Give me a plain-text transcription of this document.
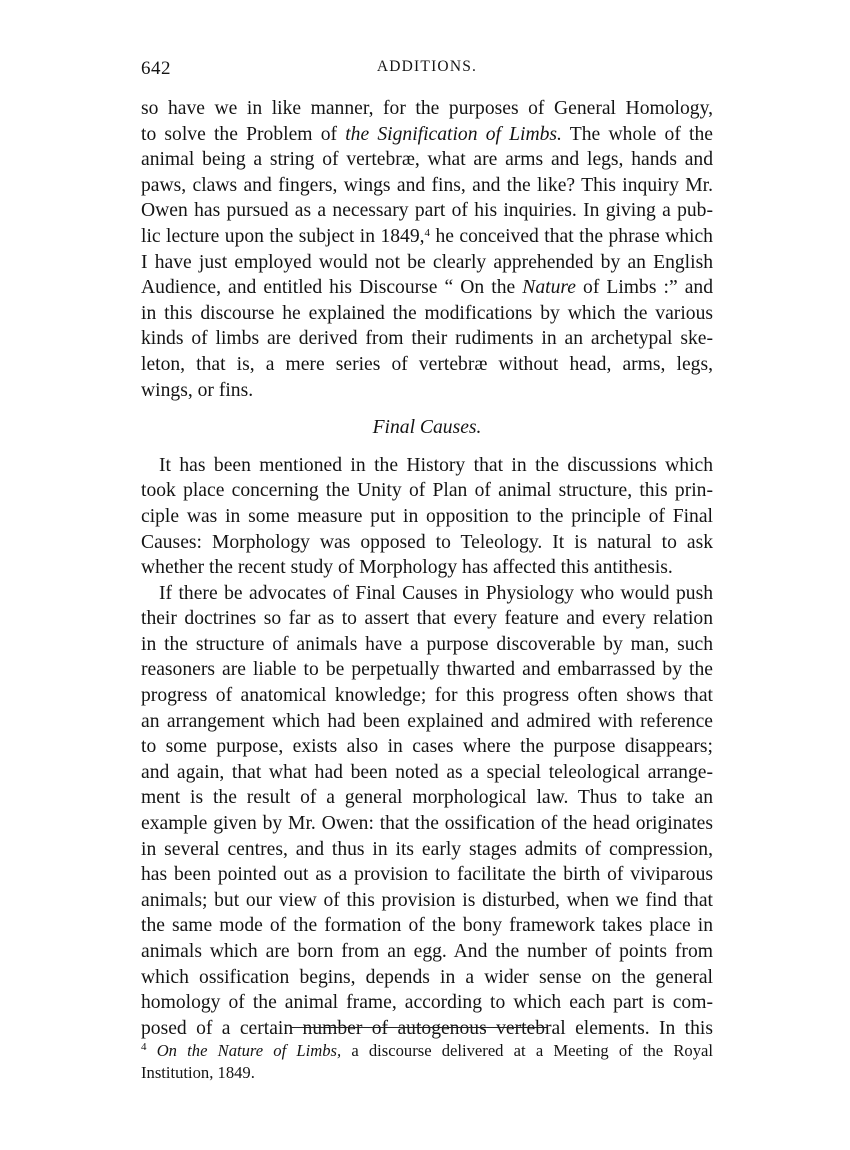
642	ADDITIONS.
so have we in like manner, for the purposes of General Homology,
to solve the Problem of the Signification of Limbs. The whole of the
animal being a string of vertebræ, what are arms and legs, hands and
paws, claws and fingers, wings and fins, and the like? This inquiry Mr.
Owen has pursued as a necessary part of his inquiries. In giving a pub-
lic lecture upon the subject in 1849,$^4$ he conceived that the phrase which
I have just employed would not be clearly apprehended by an English
Audience, and entitled his Discourse “ On the Nature of Limbs :” and
in this discourse he explained the modifications by which the various
kinds of limbs are derived from their rudiments in an archetypal ske-
leton, that is, a mere series of vertebræ without head, arms, legs,
wings, or fins.
Final Causes.
It has been mentioned in the History that in the discussions which
took place concerning the Unity of Plan of animal structure, this prin-
ciple was in some measure put in opposition to the principle of Final
Causes: Morphology was opposed to Teleology. It is natural to ask
whether the recent study of Morphology has affected this antithesis.
If there be advocates of Final Causes in Physiology who would push
their doctrines so far as to assert that every feature and every relation
in the structure of animals have a purpose discoverable by man, such
reasoners are liable to be perpetually thwarted and embarrassed by the
progress of anatomical knowledge; for this progress often shows that
an arrangement which had been explained and admired with reference
to some purpose, exists also in cases where the purpose disappears;
and again, that what had been noted as a special teleological arrange-
ment is the result of a general morphological law. Thus to take an
example given by Mr. Owen: that the ossification of the head originates
in several centres, and thus in its early stages admits of compression,
has been pointed out as a provision to facilitate the birth of viviparous
animals; but our view of this provision is disturbed, when we find that
the same mode of the formation of the bony framework takes place in
animals which are born from an egg. And the number of points from
which ossification begins, depends in a wider sense on the general
homology of the animal frame, according to which each part is com-
posed of a certain number of autogenous vertebral elements. In this
$^4$ On the Nature of Limbs, a discourse delivered at a Meeting of the Royal
Institution, 1849.
